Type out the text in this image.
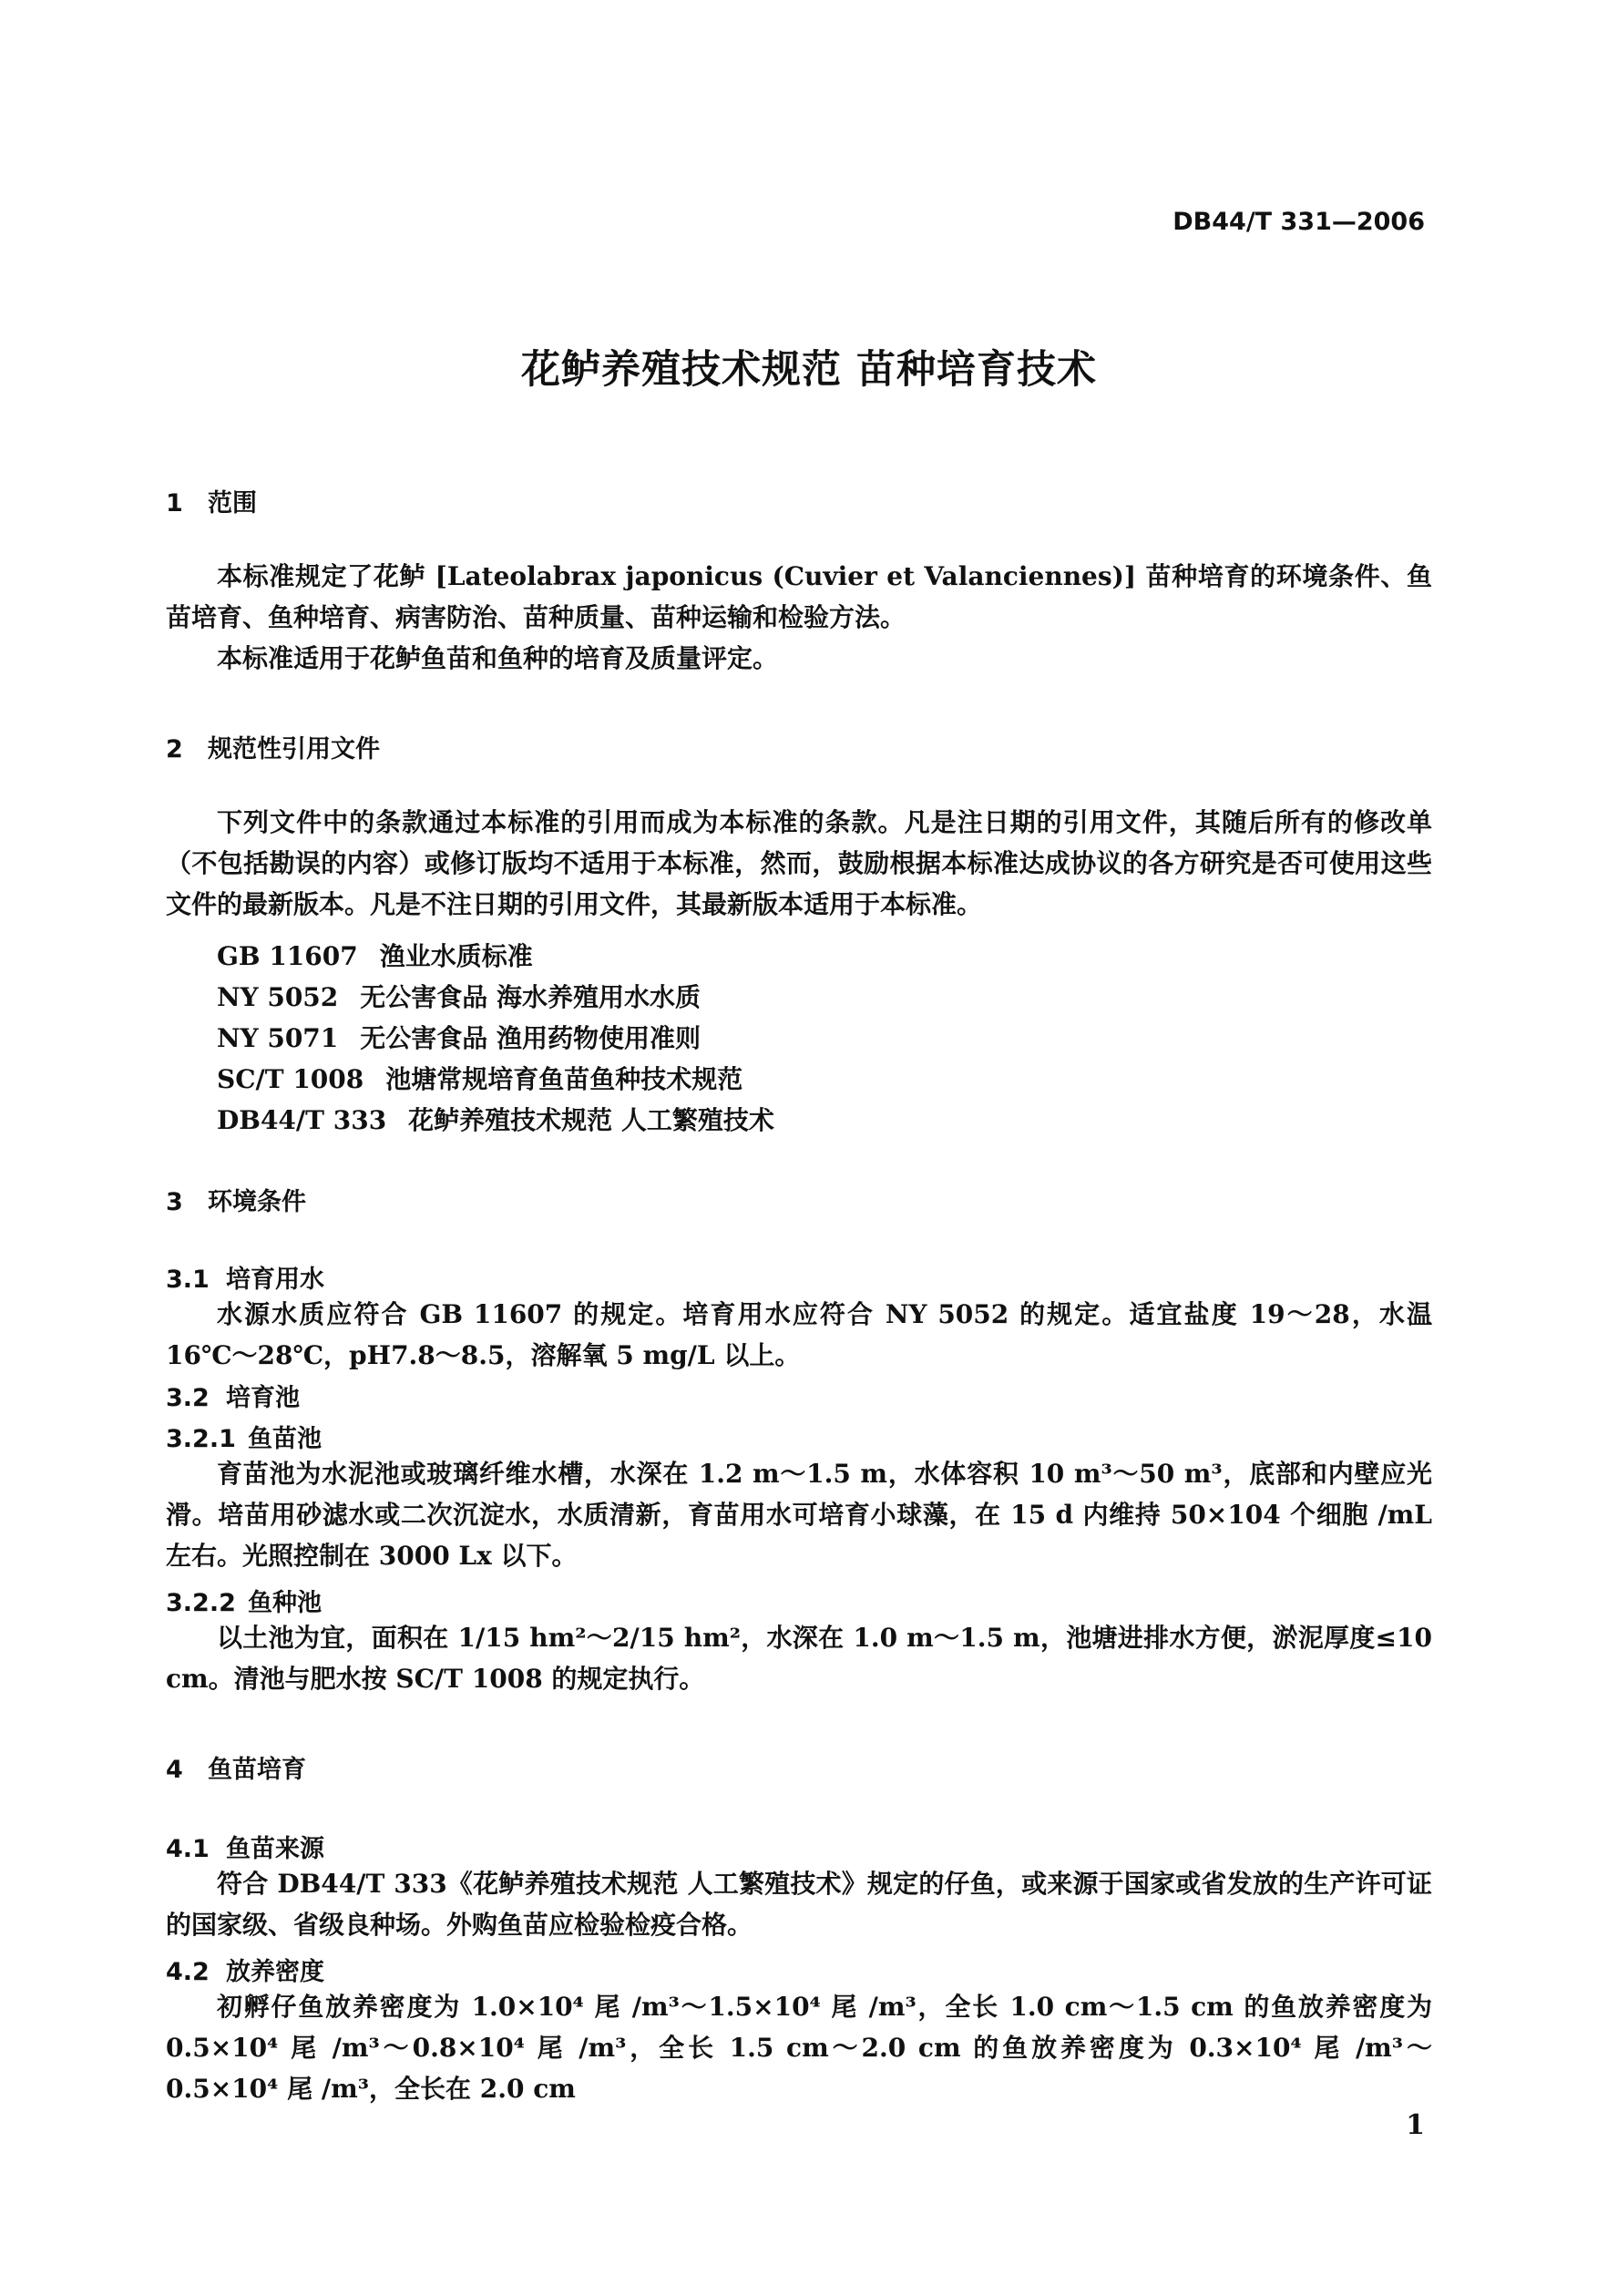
DB44/T 331—2006
花鲈养殖技术规范 苗种培育技术
1 范围

本标准规定了花鲈 [Lateolabrax japonicus (Cuvier et Valanciennes)] 苗种培育的环境条件、鱼苗培育、鱼种培育、病害防治、苗种质量、苗种运输和检验方法。

本标准适用于花鲈鱼苗和鱼种的培育及质量评定。

2 规范性引用文件

下列文件中的条款通过本标准的引用而成为本标准的条款。凡是注日期的引用文件，其随后所有的修改单（不包括勘误的内容）或修订版均不适用于本标准，然而，鼓励根据本标准达成协议的各方研究是否可使用这些文件的最新版本。凡是不注日期的引用文件，其最新版本适用于本标准。

GB 11607 渔业水质标准
NY 5052 无公害食品 海水养殖用水水质
NY 5071 无公害食品 渔用药物使用准则
SC/T 1008 池塘常规培育鱼苗鱼种技术规范
DB44/T 333 花鲈养殖技术规范 人工繁殖技术
3 环境条件
3.1 培育用水

水源水质应符合 GB 11607 的规定。培育用水应符合 NY 5052 的规定。适宜盐度 19～28，水温 16℃～28℃，pH7.8～8.5，溶解氧 5 mg/L 以上。

3.2 培育池
3.2.1 鱼苗池

育苗池为水泥池或玻璃纤维水槽，水深在 1.2 m～1.5 m，水体容积 10 m³～50 m³，底部和内壁应光滑。培苗用砂滤水或二次沉淀水，水质清新，育苗用水可培育小球藻，在 15 d 内维持 50×104 个细胞 /mL 左右。光照控制在 3000 Lx 以下。

3.2.2 鱼种池

以土池为宜，面积在 1/15 hm²～2/15 hm²，水深在 1.0 m～1.5 m，池塘进排水方便，淤泥厚度≤10 cm。清池与肥水按 SC/T 1008 的规定执行。

4 鱼苗培育
4.1 鱼苗来源

符合 DB44/T 333《花鲈养殖技术规范 人工繁殖技术》规定的仔鱼，或来源于国家或省发放的生产许可证的国家级、省级良种场。外购鱼苗应检验检疫合格。

4.2 放养密度

初孵仔鱼放养密度为 1.0×10⁴ 尾 /m³～1.5×10⁴ 尾 /m³，全长 1.0 cm～1.5 cm 的鱼放养密度为 0.5×10⁴ 尾 /m³～0.8×10⁴ 尾 /m³，全长 1.5 cm～2.0 cm 的鱼放养密度为 0.3×10⁴ 尾 /m³～0.5×10⁴ 尾 /m³，全长在 2.0 cm

1
